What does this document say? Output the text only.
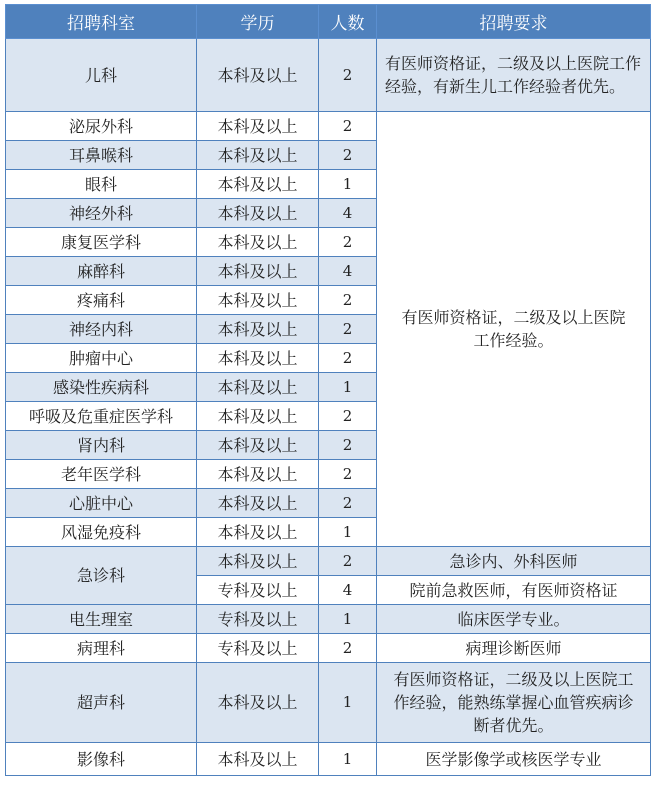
招聘科室	学历	人数	招聘要求
儿科	本科及以上	2	有医师资格证，二级及以上医院工作经验，有新生儿工作经验者优先。
泌尿外科	本科及以上	2	有医师资格证，二级及以上医院工作经验。
耳鼻喉科	本科及以上	2	
眼科	本科及以上	1	
神经外科	本科及以上	4	
康复医学科	本科及以上	2	
麻醉科	本科及以上	4	
疼痛科	本科及以上	2	
神经内科	本科及以上	2	
肿瘤中心	本科及以上	2	
感染性疾病科	本科及以上	1	
呼吸及危重症医学科	本科及以上	2	
肾内科	本科及以上	2	
老年医学科	本科及以上	2	
心脏中心	本科及以上	2	
风湿免疫科	本科及以上	1	
急诊科	本科及以上	2	急诊内、外科医师
	专科及以上	4	院前急救医师，有医师资格证
电生理室	专科及以上	1	临床医学专业。
病理科	专科及以上	2	病理诊断医师
超声科	本科及以上	1	有医师资格证，二级及以上医院工作经验，能熟练掌握心血管疾病诊断者优先。
影像科	本科及以上	1	医学影像学或核医学专业
